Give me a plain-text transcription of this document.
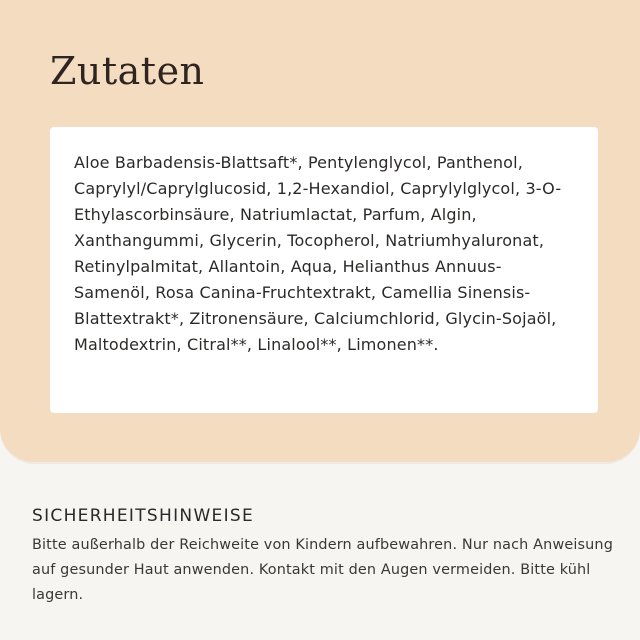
Zutaten

Aloe Barbadensis-Blattsaft*, Pentylenglycol, Panthenol, Caprylyl/Caprylglucosid, 1,2-Hexandiol, Caprylylglycol, 3-O-Ethylascorbinsäure, Natriumlactat, Parfum, Algin, Xanthangummi, Glycerin, Tocopherol, Natriumhyaluronat, Retinylpalmitat, Allantoin, Aqua, Helianthus Annuus-Samenöl, Rosa Canina-Fruchtextrakt, Camellia Sinensis-Blattextrakt*, Zitronensäure, Calciumchlorid, Glycin-Sojaöl, Maltodextrin, Citral**, Linalool**, Limonen**.

SICHERHEITSHINWEISE

Bitte außerhalb der Reichweite von Kindern aufbewahren. Nur nach Anweisung auf gesunder Haut anwenden. Kontakt mit den Augen vermeiden. Bitte kühl lagern.
